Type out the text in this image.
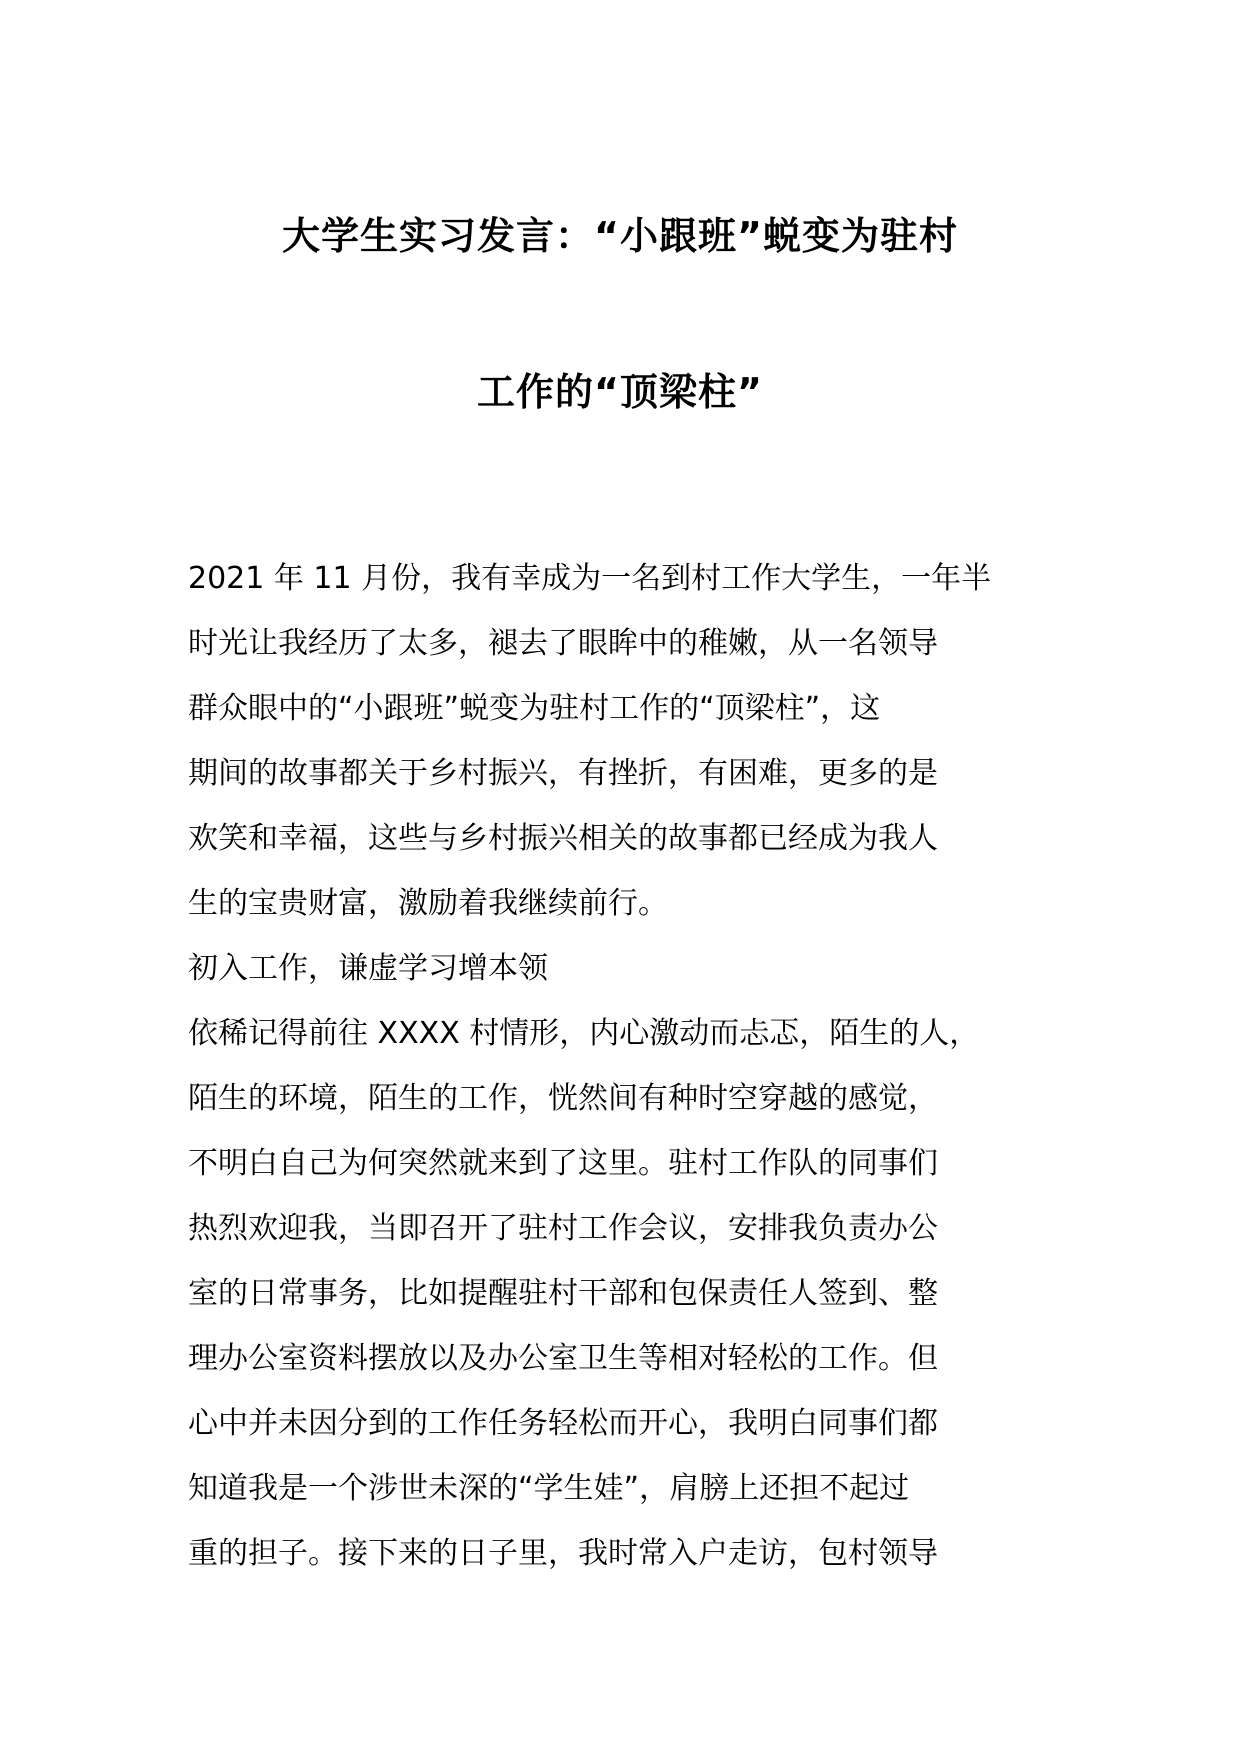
大学生实习发言：“小跟班”蜕变为驻村
工作的“顶梁柱”
2021 年 11 月份，我有幸成为一名到村工作大学生，一年半
时光让我经历了太多，褪去了眼眸中的稚嫩，从一名领导
群众眼中的“小跟班”蜕变为驻村工作的“顶梁柱”，这
期间的故事都关于乡村振兴，有挫折，有困难，更多的是
欢笑和幸福，这些与乡村振兴相关的故事都已经成为我人
生的宝贵财富，激励着我继续前行。
初入工作，谦虚学习增本领
依稀记得前往 XXXX 村情形，内心激动而忐忑，陌生的人，
陌生的环境，陌生的工作，恍然间有种时空穿越的感觉，
不明白自己为何突然就来到了这里。驻村工作队的同事们
热烈欢迎我，当即召开了驻村工作会议，安排我负责办公
室的日常事务，比如提醒驻村干部和包保责任人签到、整
理办公室资料摆放以及办公室卫生等相对轻松的工作。但
心中并未因分到的工作任务轻松而开心，我明白同事们都
知道我是一个涉世未深的“学生娃”，肩膀上还担不起过
重的担子。接下来的日子里，我时常入户走访，包村领导
